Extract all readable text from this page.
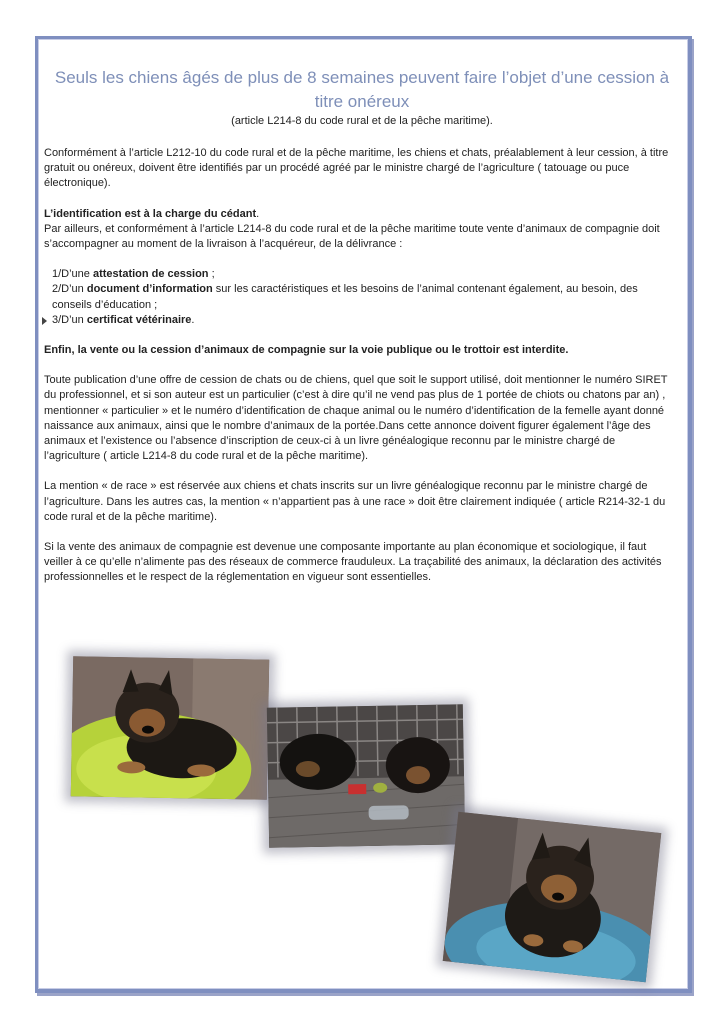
Seuls les chiens âgés de plus de 8 semaines peuvent faire l’objet d’une cession à titre onéreux
(article L214-8 du code rural et de la pêche maritime).

Conformément à l’article L212-10 du code rural et de la pêche maritime, les chiens et chats, préalablement à leur cession, à titre gratuit ou onéreux, doivent être identifiés par un procédé agréé par le ministre chargé de l’agriculture ( tatouage ou puce électronique).

L’identification est à la charge du cédant.

Par ailleurs, et conformément à l’article L214-8 du code rural et de la pêche maritime toute vente d’animaux de compagnie doit s’accompagner au moment de la livraison à l’acquéreur, de la délivrance :

1/D’une attestation de cession ;

2/D’un document d’information sur les caractéristiques et les besoins de l’animal contenant également, au besoin, des conseils d’éducation ;

3/D’un certificat vétérinaire.

Enfin, la vente ou la cession d’animaux de compagnie sur la voie publique ou le trottoir est interdite.

Toute publication d’une offre de cession de chats ou de chiens, quel que soit le support utilisé, doit mentionner le numéro SIRET du professionnel, et si son auteur est un particulier (c’est à dire qu’il ne vend pas plus de 1 portée de chiots ou chatons par an) , mentionner « particulier » et le numéro d’identification de chaque animal ou le numéro d’identification de la femelle ayant donné naissance aux animaux, ainsi que le nombre d’animaux de la portée.Dans cette annonce doivent figurer également l’âge des animaux et l’existence ou l’absence d’inscription de ceux-ci à un livre généalogique reconnu par le ministre chargé de l’agriculture ( article L214-8 du code rural et de la pêche maritime).

La mention « de race » est réservée aux chiens et chats inscrits sur un livre généalogique reconnu par le ministre chargé de l’agriculture. Dans les autres cas, la mention « n’appartient pas à une race » doit être clairement indiquée ( article R214-32-1 du code rural et de la pêche maritime).

Si la vente des animaux de compagnie est devenue une composante importante au plan économique et sociologique, il faut veiller à ce qu’elle n’alimente pas des réseaux de commerce frauduleux. La traçabilité des animaux, la déclaration des activités professionnelles et le respect de la réglementation en vigueur sont essentielles.
